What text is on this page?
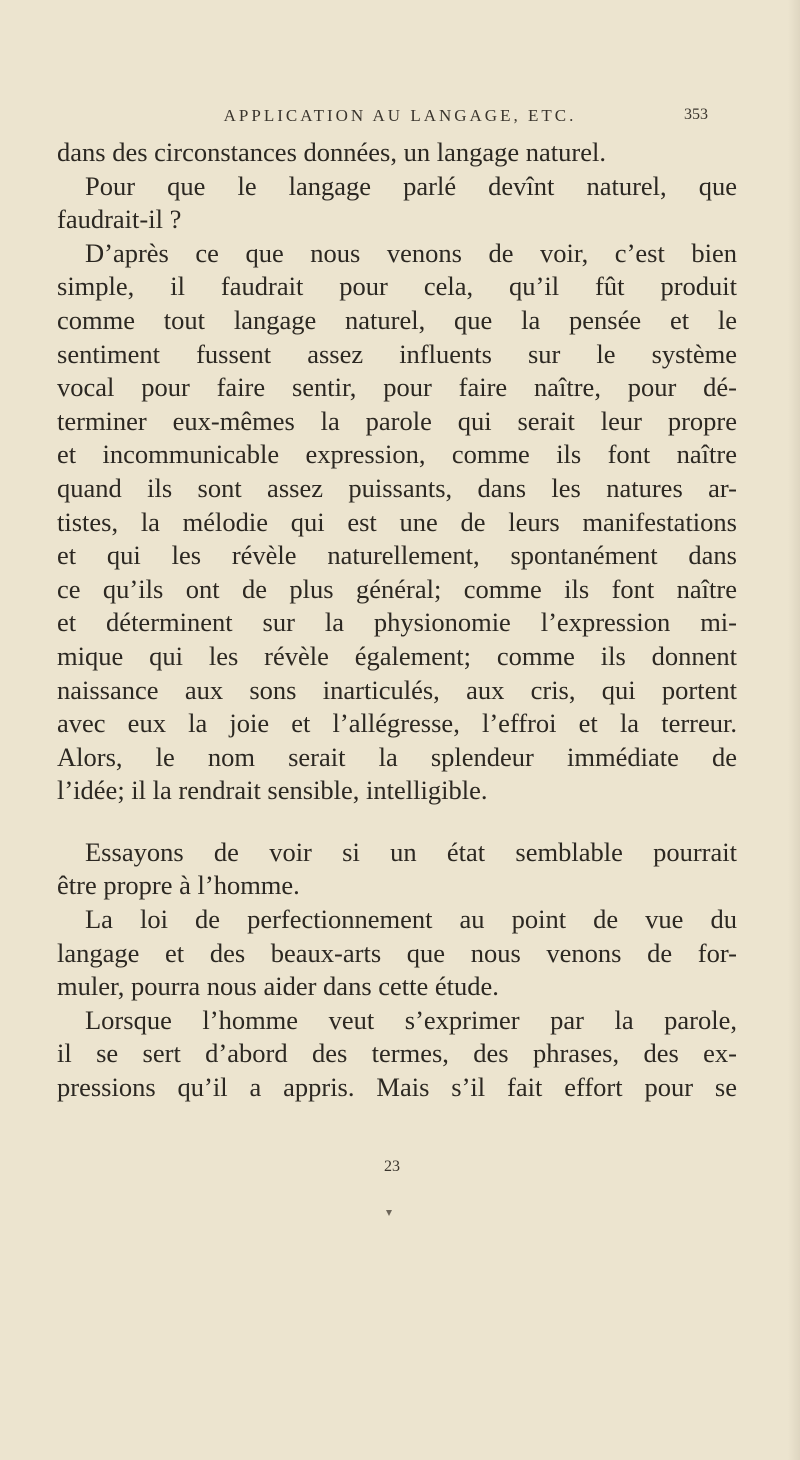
APPLICATION AU LANGAGE, ETC.	353
dans des circonstances données, un langage naturel.
Pour que le langage parlé devînt naturel, que
faudrait-il ?
D’après ce que nous venons de voir, c’est bien
simple, il faudrait pour cela, qu’il fût produit
comme tout langage naturel, que la pensée et le
sentiment fussent assez influents sur le système
vocal pour faire sentir, pour faire naître, pour dé-
terminer eux-mêmes la parole qui serait leur propre
et incommunicable expression, comme ils font naître
quand ils sont assez puissants, dans les natures ar-
tistes, la mélodie qui est une de leurs manifestations
et qui les révèle naturellement, spontanément dans
ce qu’ils ont de plus général; comme ils font naître
et déterminent sur la physionomie l’expression mi-
mique qui les révèle également; comme ils donnent
naissance aux sons inarticulés, aux cris, qui portent
avec eux la joie et l’allégresse, l’effroi et la terreur.
Alors, le nom serait la splendeur immédiate de
l’idée; il la rendrait sensible, intelligible.
Essayons de voir si un état semblable pourrait
être propre à l’homme.
La loi de perfectionnement au point de vue du
langage et des beaux-arts que nous venons de for-
muler, pourra nous aider dans cette étude.
Lorsque l’homme veut s’exprimer par la parole,
il se sert d’abord des termes, des phrases, des ex-
pressions qu’il a appris. Mais s’il fait effort pour se
23
